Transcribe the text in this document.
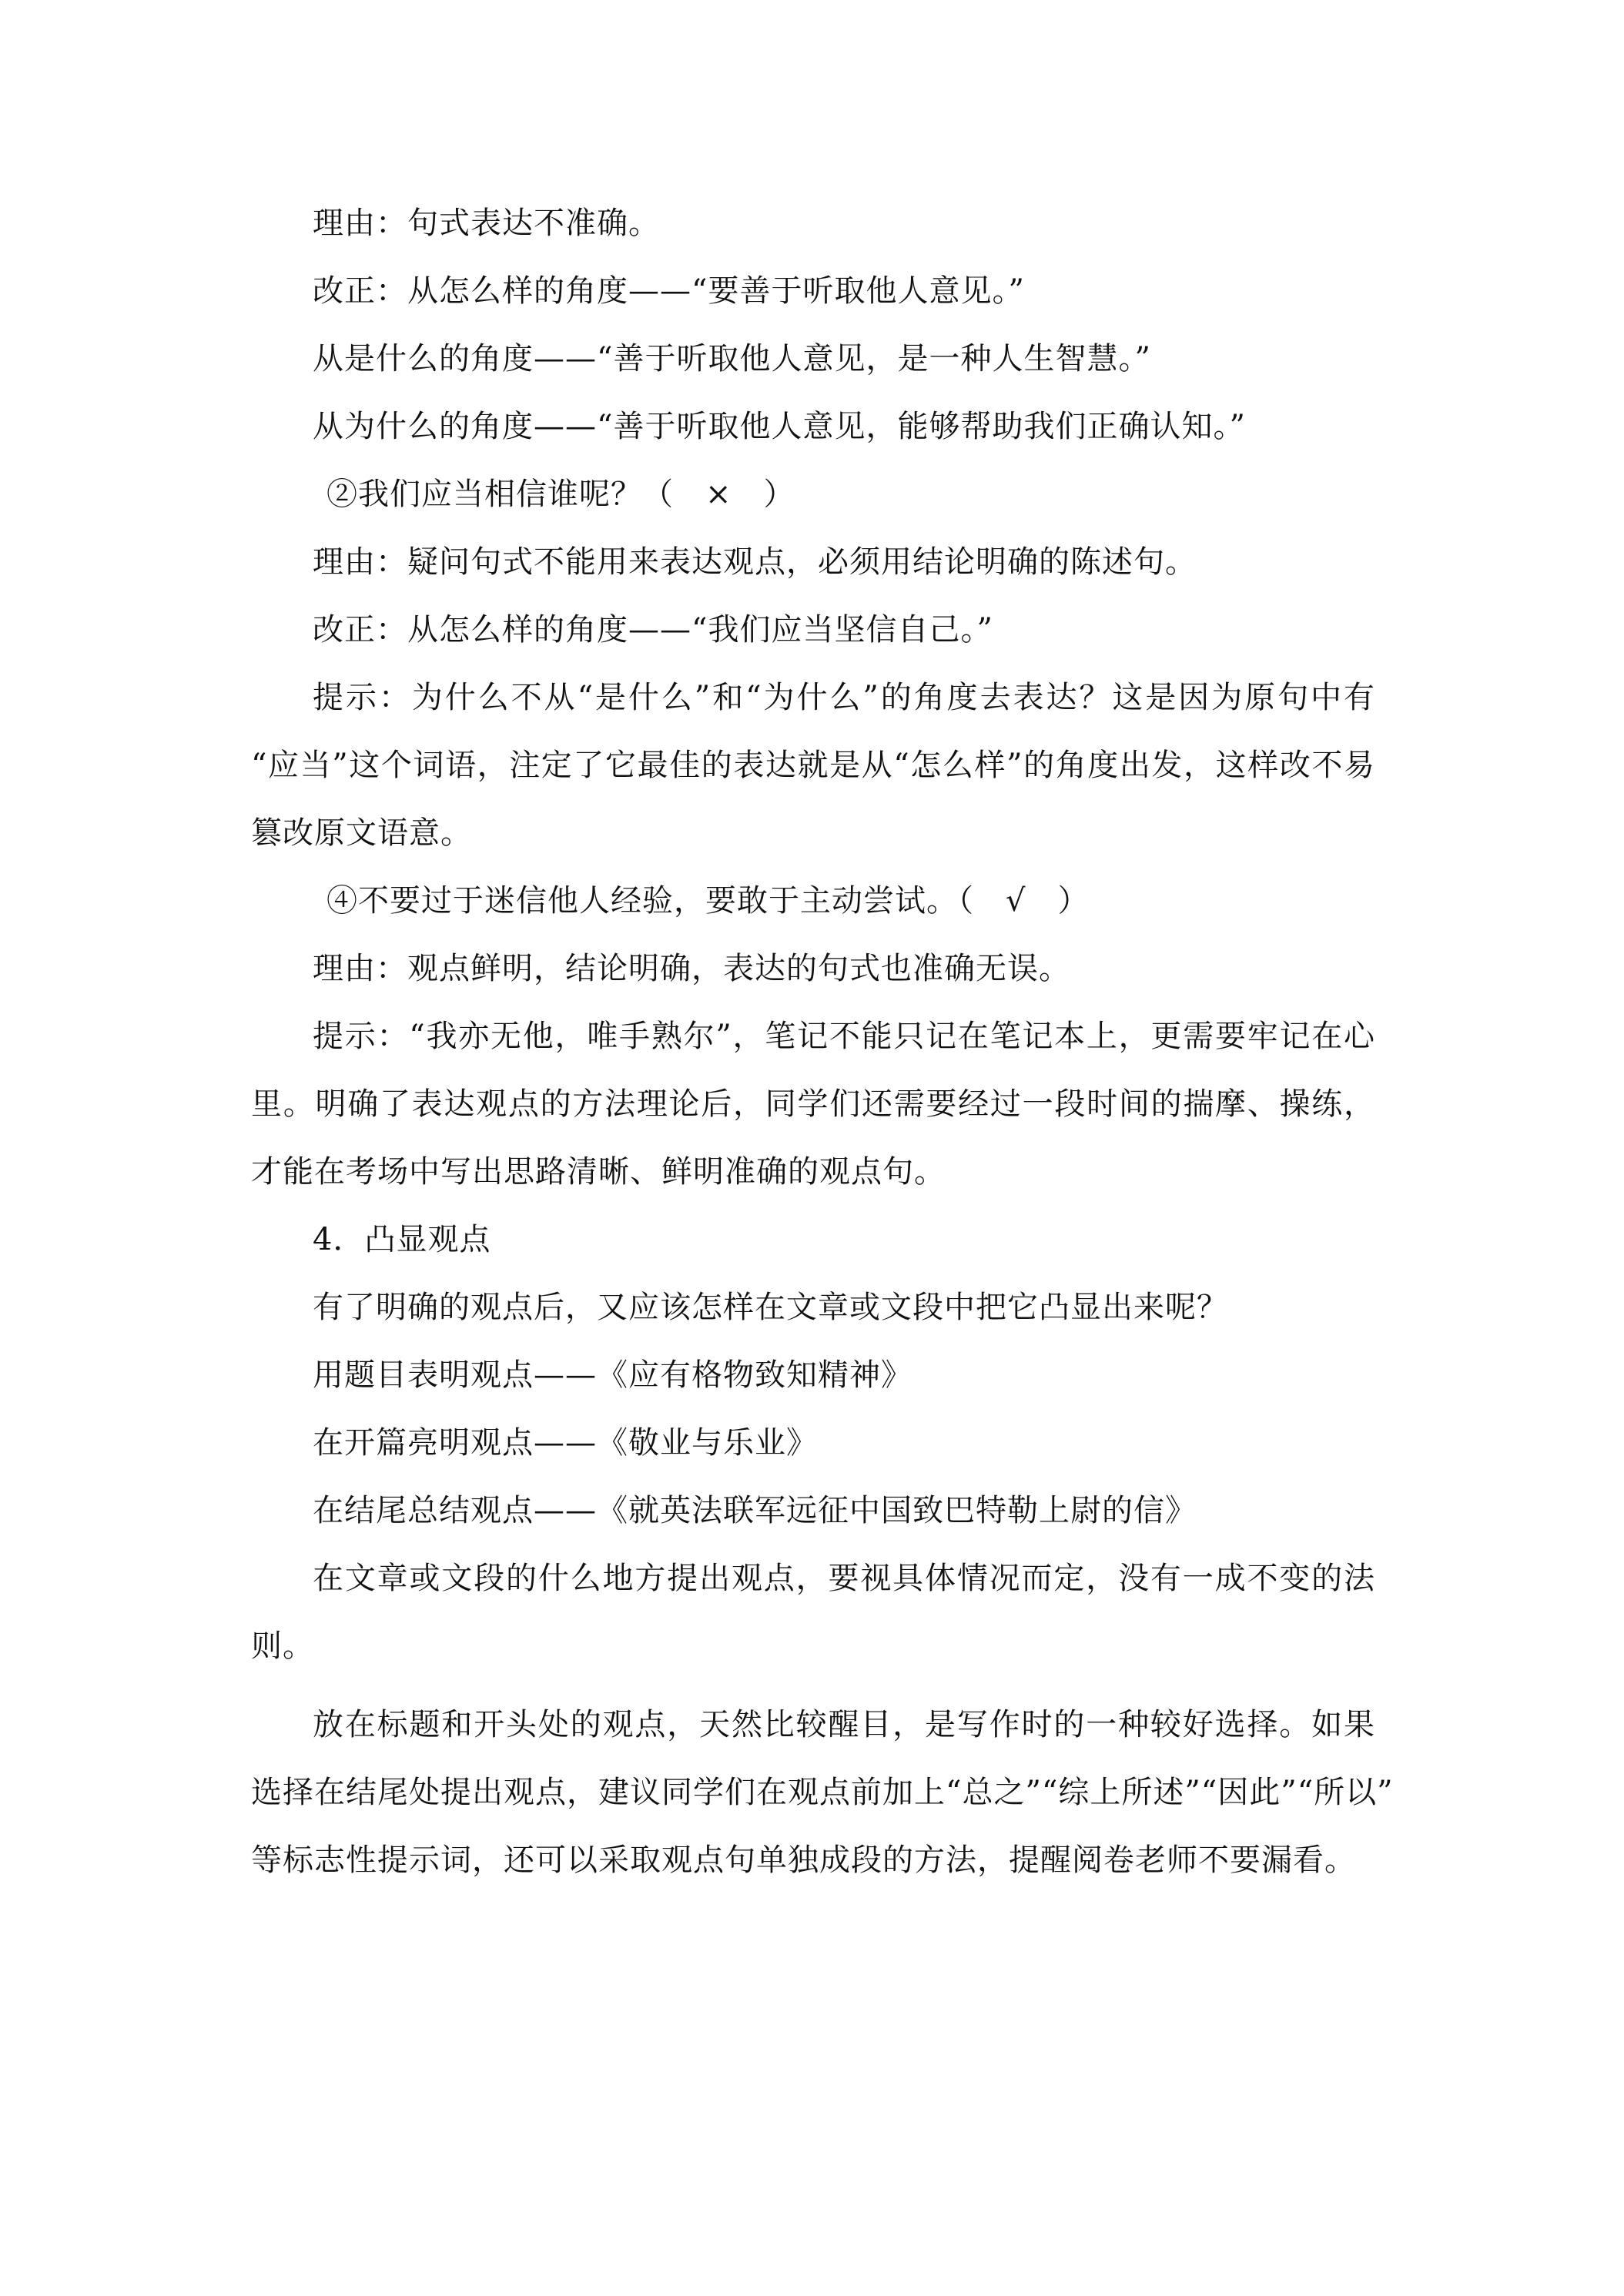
理由：句式表达不准确。
改正：从怎么样的角度——“要善于听取他人意见。”
从是什么的角度——“善于听取他人意见，是一种人生智慧。”
从为什么的角度——“善于听取他人意见，能够帮助我们正确认知。”
②我们应当相信谁呢？（　×　）
理由：疑问句式不能用来表达观点，必须用结论明确的陈述句。
改正：从怎么样的角度——“我们应当坚信自己。”
提示：为什么不从“是什么”和“为什么”的角度去表达？这是因为原句中有
“应当”这个词语，注定了它最佳的表达就是从“怎么样”的角度出发，这样改不易
篡改原文语意。
④不要过于迷信他人经验，要敢于主动尝试。（　√　）
理由：观点鲜明，结论明确，表达的句式也准确无误。
提示：“我亦无他，唯手熟尔”，笔记不能只记在笔记本上，更需要牢记在心
里。明确了表达观点的方法理论后，同学们还需要经过一段时间的揣摩、操练，
才能在考场中写出思路清晰、鲜明准确的观点句。
4．凸显观点
有了明确的观点后，又应该怎样在文章或文段中把它凸显出来呢？
用题目表明观点——《应有格物致知精神》
在开篇亮明观点——《敬业与乐业》
在结尾总结观点——《就英法联军远征中国致巴特勒上尉的信》
在文章或文段的什么地方提出观点，要视具体情况而定，没有一成不变的法
则。
放在标题和开头处的观点，天然比较醒目，是写作时的一种较好选择。如果
选择在结尾处提出观点，建议同学们在观点前加上“总之”“综上所述”“因此”“所以”
等标志性提示词，还可以采取观点句单独成段的方法，提醒阅卷老师不要漏看。
